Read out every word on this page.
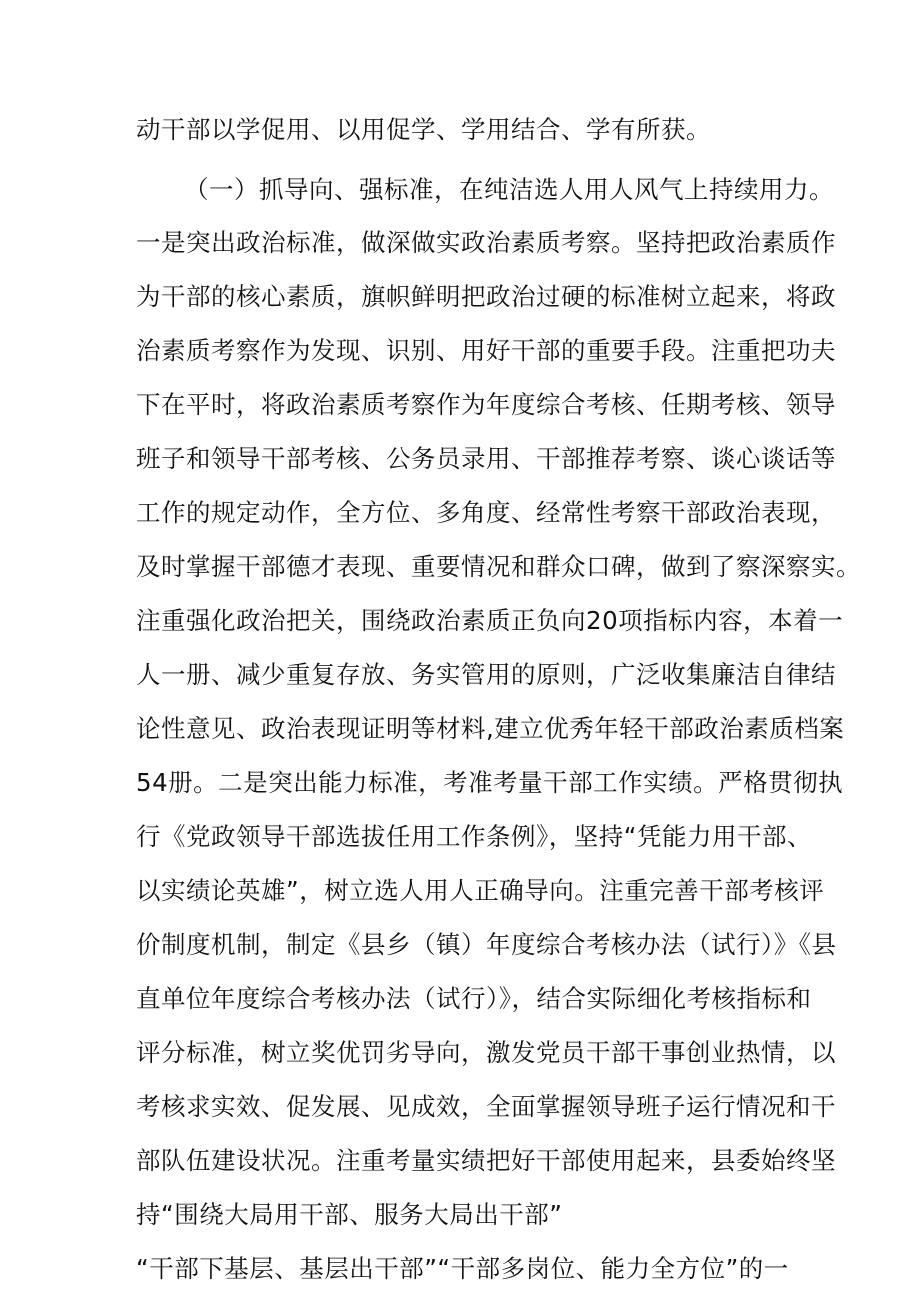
动干部以学促用、以用促学、学用结合、学有所获。
（一）抓导向、强标准，在纯洁选人用人风气上持续用力。
一是突出政治标准，做深做实政治素质考察。坚持把政治素质作
为干部的核心素质，旗帜鲜明把政治过硬的标准树立起来，将政
治素质考察作为发现、识别、用好干部的重要手段。注重把功夫
下在平时，将政治素质考察作为年度综合考核、任期考核、领导
班子和领导干部考核、公务员录用、干部推荐考察、谈心谈话等
工作的规定动作，全方位、多角度、经常性考察干部政治表现，
及时掌握干部德才表现、重要情况和群众口碑，做到了察深察实。
注重强化政治把关，围绕政治素质正负向20项指标内容，本着一
人一册、减少重复存放、务实管用的原则，广泛收集廉洁自律结
论性意见、政治表现证明等材料,建立优秀年轻干部政治素质档案
54册。二是突出能力标准，考准考量干部工作实绩。严格贯彻执
行《党政领导干部选拔任用工作条例》，坚持“凭能力用干部、
以实绩论英雄”，树立选人用人正确导向。注重完善干部考核评
价制度机制，制定《县乡（镇）年度综合考核办法（试行）》《县
直单位年度综合考核办法（试行）》，结合实际细化考核指标和
评分标准，树立奖优罚劣导向，激发党员干部干事创业热情，以
考核求实效、促发展、见成效，全面掌握领导班子运行情况和干
部队伍建设状况。注重考量实绩把好干部使用起来，县委始终坚
持“围绕大局用干部、服务大局出干部”
“干部下基层、基层出干部”“干部多岗位、能力全方位”的一
